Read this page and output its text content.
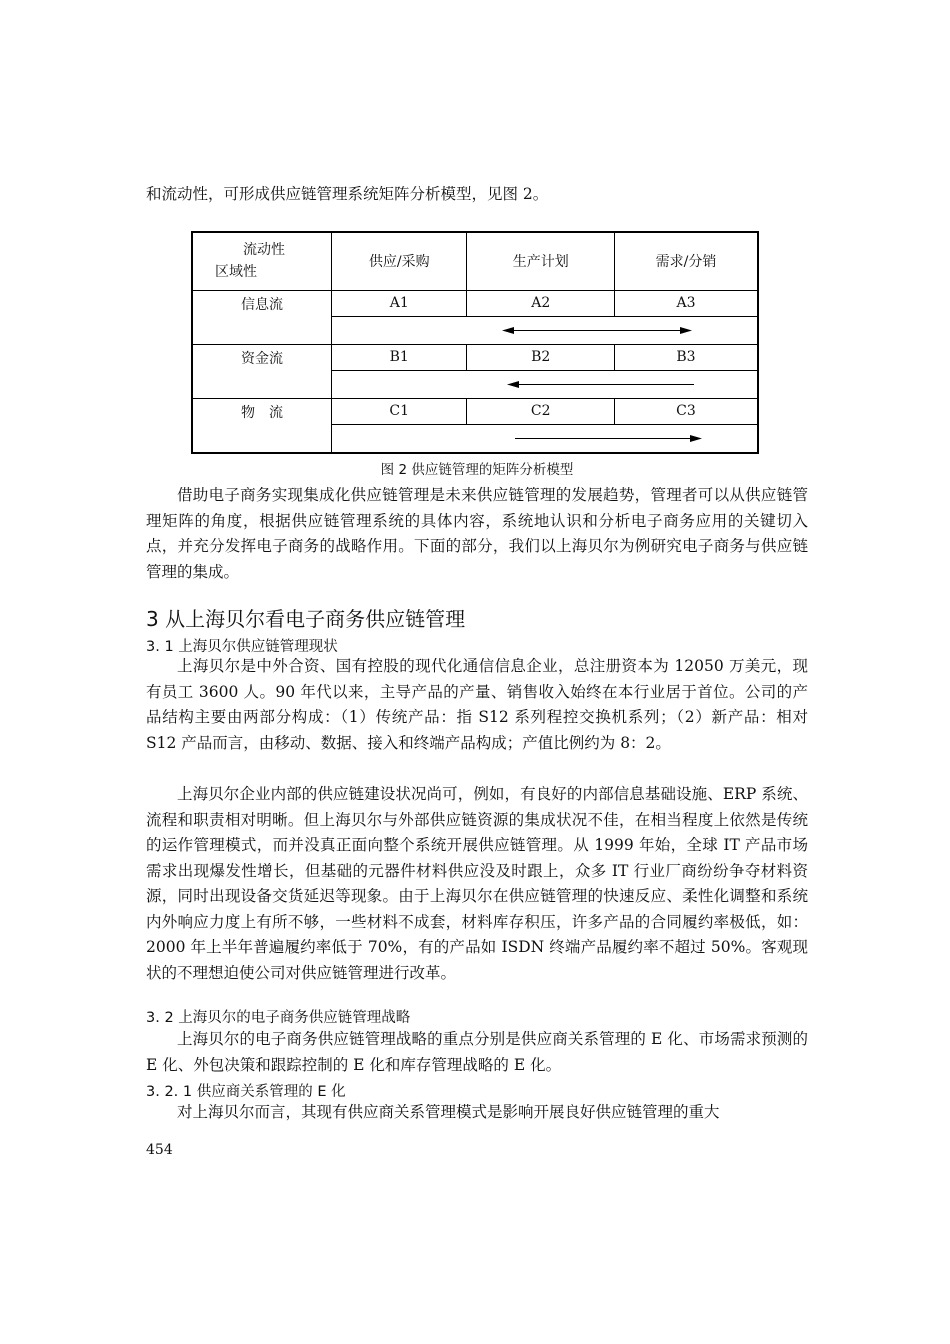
和流动性，可形成供应链管理系统矩阵分析模型，见图 2。
流动性
区域性	供应/采购	生产计划	需求/分销
信息流	A1	A2	A3

资金流	B1	B2	B3

物　流	C1	C2	C3

图 2 供应链管理的矩阵分析模型
借助电子商务实现集成化供应链管理是未来供应链管理的发展趋势，管理者可以从供应链管理矩阵的角度，根据供应链管理系统的具体内容，系统地认识和分析电子商务应用的关键切入点，并充分发挥电子商务的战略作用。下面的部分，我们以上海贝尔为例研究电子商务与供应链管理的集成。
3 从上海贝尔看电子商务供应链管理
3. 1 上海贝尔供应链管理现状
上海贝尔是中外合资、国有控股的现代化通信信息企业，总注册资本为 12050 万美元，现有员工 3600 人。90 年代以来，主导产品的产量、销售收入始终在本行业居于首位。公司的产品结构主要由两部分构成：（1）传统产品：指 S12 系列程控交换机系列；（2）新产品：相对 S12 产品而言，由移动、数据、接入和终端产品构成；产值比例约为 8：2。
上海贝尔企业内部的供应链建设状况尚可，例如，有良好的内部信息基础设施、ERP 系统、流程和职责相对明晰。但上海贝尔与外部供应链资源的集成状况不佳，在相当程度上依然是传统的运作管理模式，而并没真正面向整个系统开展供应链管理。从 1999 年始，全球 IT 产品市场需求出现爆发性增长，但基础的元器件材料供应没及时跟上，众多 IT 行业厂商纷纷争夺材料资源，同时出现设备交货延迟等现象。由于上海贝尔在供应链管理的快速反应、柔性化调整和系统内外响应力度上有所不够，一些材料不成套，材料库存积压，许多产品的合同履约率极低，如：2000 年上半年普遍履约率低于 70%，有的产品如 ISDN 终端产品履约率不超过 50%。客观现状的不理想迫使公司对供应链管理进行改革。
3. 2 上海贝尔的电子商务供应链管理战略
上海贝尔的电子商务供应链管理战略的重点分别是供应商关系管理的 E 化、市场需求预测的 E 化、外包决策和跟踪控制的 E 化和库存管理战略的 E 化。
3. 2. 1 供应商关系管理的 E 化
对上海贝尔而言，其现有供应商关系管理模式是影响开展良好供应链管理的重大
454
